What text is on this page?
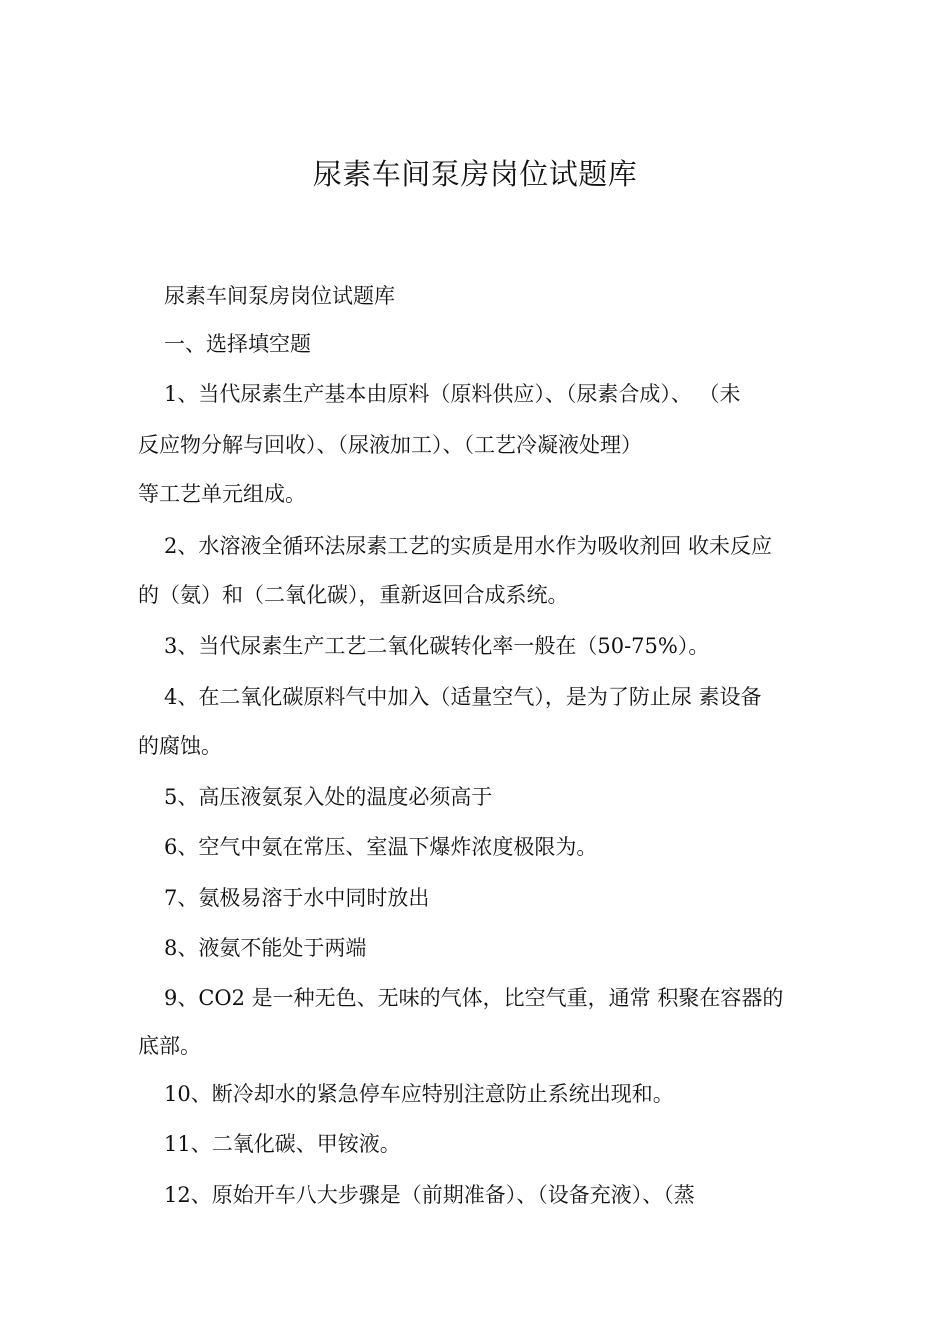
尿素车间泵房岗位试题库

尿素车间泵房岗位试题库

一、选择填空题

1、当代尿素生产基本由原料（原料供应）、（尿素合成）、 （未

反应物分解与回收）、（尿液加工）、（工艺冷凝液处理）

等工艺单元组成。

2、水溶液全循环法尿素工艺的实质是用水作为吸收剂回 收未反应

的（氨）和（二氧化碳），重新返回合成系统。

3、当代尿素生产工艺二氧化碳转化率一般在（50-75%）。

4、在二氧化碳原料气中加入（适量空气），是为了防止尿 素设备

的腐蚀。

5、高压液氨泵入处的温度必须高于

6、空气中氨在常压、室温下爆炸浓度极限为。

7、氨极易溶于水中同时放出

8、液氨不能处于两端

9、CO2 是一种无色、无味的气体，比空气重，通常 积聚在容器的

底部。

10、断冷却水的紧急停车应特别注意防止系统出现和。

11、二氧化碳、甲铵液。

12、原始开车八大步骤是（前期准备）、（设备充液）、（蒸
